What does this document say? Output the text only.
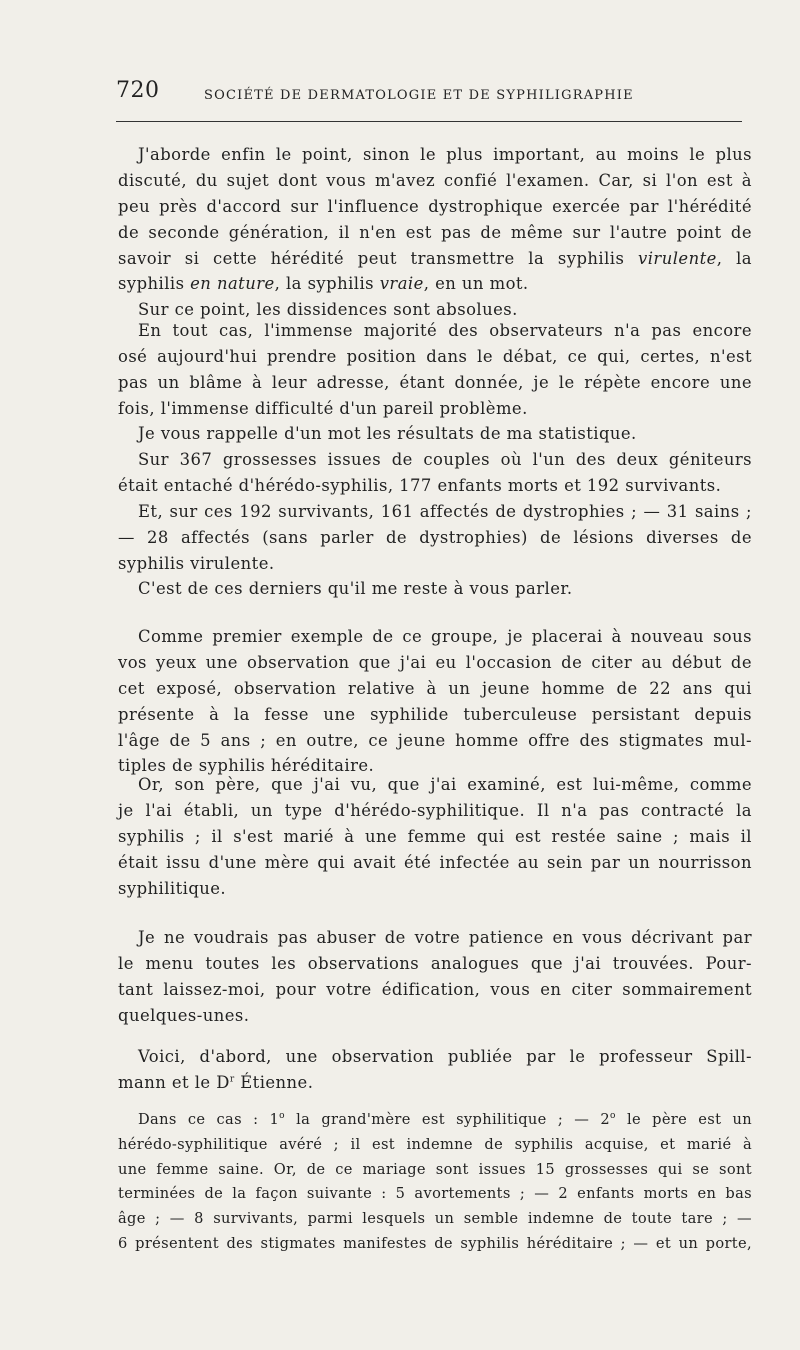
720	SOCIÉTÉ DE DERMATOLOGIE ET DE SYPHILIGRAPHIE
J'aborde enfin le point, sinon le plus important, au moins le plus
discuté, du sujet dont vous m'avez confié l'examen. Car, si l'on est à
peu près d'accord sur l'influence dystrophique exercée par l'hérédité
de seconde génération, il n'en est pas de même sur l'autre point de
savoir si cette hérédité peut transmettre la syphilis virulente, la
syphilis en nature, la syphilis vraie, en un mot.
Sur ce point, les dissidences sont absolues.
En tout cas, l'immense majorité des observateurs n'a pas encore
osé aujourd'hui prendre position dans le débat, ce qui, certes, n'est
pas un blâme à leur adresse, étant donnée, je le répète encore une
fois, l'immense difficulté d'un pareil problème.
Je vous rappelle d'un mot les résultats de ma statistique.
Sur 367 grossesses issues de couples où l'un des deux géniteurs
était entaché d'hérédo-syphilis, 177 enfants morts et 192 survivants.
Et, sur ces 192 survivants, 161 affectés de dystrophies ; — 31 sains ;
— 28 affectés (sans parler de dystrophies) de lésions diverses de
syphilis virulente.
C'est de ces derniers qu'il me reste à vous parler.
Comme premier exemple de ce groupe, je placerai à nouveau sous
vos yeux une observation que j'ai eu l'occasion de citer au début de
cet exposé, observation relative à un jeune homme de 22 ans qui
présente à la fesse une syphilide tuberculeuse persistant depuis
l'âge de 5 ans ; en outre, ce jeune homme offre des stigmates mul-
tiples de syphilis héréditaire.
Or, son père, que j'ai vu, que j'ai examiné, est lui-même, comme
je l'ai établi, un type d'hérédo-syphilitique. Il n'a pas contracté la
syphilis ; il s'est marié à une femme qui est restée saine ; mais il
était issu d'une mère qui avait été infectée au sein par un nourrisson
syphilitique.
Je ne voudrais pas abuser de votre patience en vous décrivant par
le menu toutes les observations analogues que j'ai trouvées. Pour-
tant laissez-moi, pour votre édification, vous en citer sommairement
quelques-unes.
Voici, d'abord, une observation publiée par le professeur Spill-
mann et le $D^r$ Étienne.
Dans ce cas : 1$^o$ la grand'mère est syphilitique ; — 2$^o$ le père est un
hérédo-syphilitique avéré ; il est indemne de syphilis acquise, et marié à
une femme saine. Or, de ce mariage sont issues 15 grossesses qui se sont
terminées de la façon suivante : 5 avortements ; — 2 enfants morts en bas
âge ; — 8 survivants, parmi lesquels un semble indemne de toute tare ; —
6 présentent des stigmates manifestes de syphilis héréditaire ; — et un porte,
